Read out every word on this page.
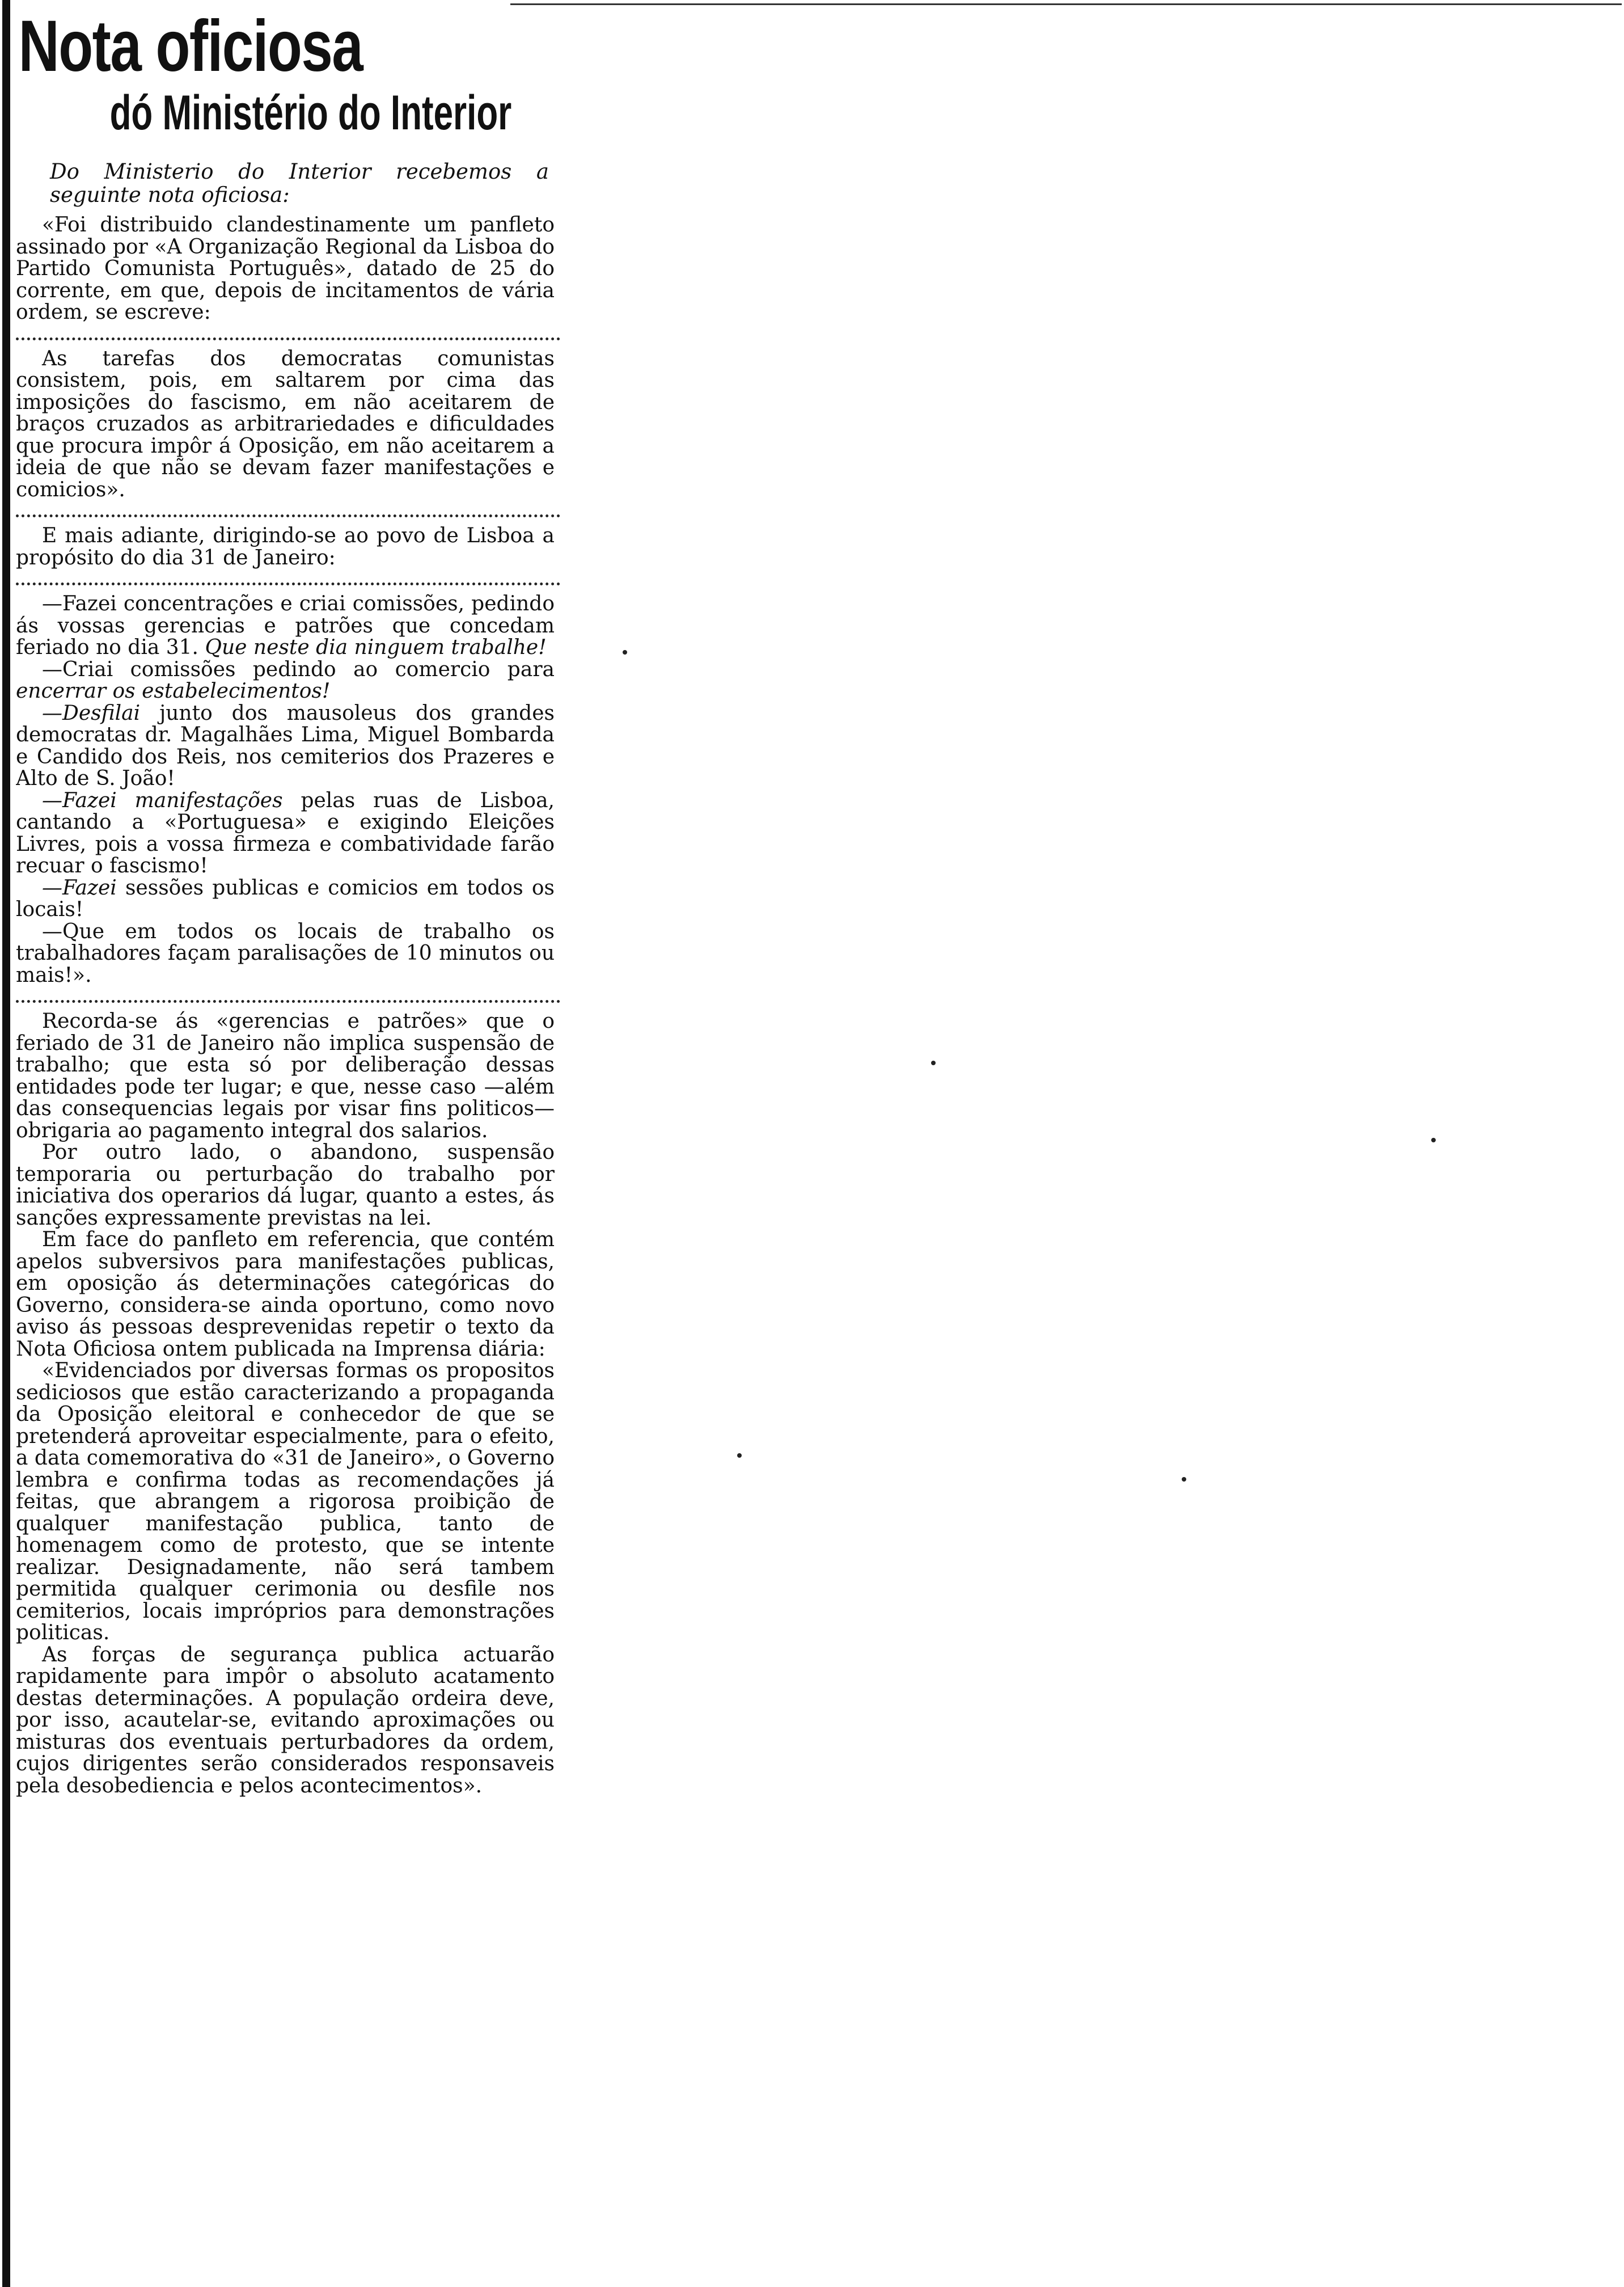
Nota oficiosa
dó Ministério do Interior

Do Ministerio do Interior recebemos a seguinte nota oficiosa:

«Foi distribuido clandestinamente um panfleto assinado por «A Organização Regional da Lisboa do Partido Comunista Português», datado de 25 do corrente, em que, depois de incitamentos de vária ordem, se escreve:

As tarefas dos democratas comunistas consistem, pois, em saltarem por cima das imposições do fascismo, em não aceitarem de braços cruzados as arbitrariedades e dificuldades que procura impôr á Oposição, em não aceitarem a ideia de que não se devam fazer manifestações e comicios».

E mais adiante, dirigindo-se ao povo de Lisboa a propósito do dia 31 de Janeiro:

—Fazei concentrações e criai comissões, pedindo ás vossas gerencias e patrões que concedam feriado no dia 31. Que neste dia ninguem trabalhe!

—Criai comissões pedindo ao comercio para encerrar os estabelecimentos!

—Desfilai junto dos mausoleus dos grandes democratas dr. Magalhães Lima, Miguel Bombarda e Candido dos Reis, nos cemiterios dos Prazeres e Alto de S. João!

—Fazei manifestações pelas ruas de Lisboa, cantando a «Portuguesa» e exigindo Eleições Livres, pois a vossa firmeza e combatividade farão recuar o fascismo!

—Fazei sessões publicas e comicios em todos os locais!

—Que em todos os locais de trabalho os trabalhadores façam paralisações de 10 minutos ou mais!».

Recorda-se ás «gerencias e patrões» que o feriado de 31 de Janeiro não implica suspensão de trabalho; que esta só por deliberação dessas entidades pode ter lugar; e que, nesse caso —além das consequencias legais por visar fins politicos—obrigaria ao pagamento integral dos salarios.

Por outro lado, o abandono, suspensão temporaria ou perturbação do trabalho por iniciativa dos operarios dá lugar, quanto a estes, ás sanções expressamente previstas na lei.

Em face do panfleto em referencia, que contém apelos subversivos para manifestações publicas, em oposição ás determinações categóricas do Governo, considera-se ainda oportuno, como novo aviso ás pessoas desprevenidas repetir o texto da Nota Oficiosa ontem publicada na Imprensa diária:

«Evidenciados por diversas formas os propositos sediciosos que estão caracterizando a propaganda da Oposição eleitoral e conhecedor de que se pretenderá aproveitar especialmente, para o efeito, a data comemorativa do «31 de Janeiro», o Governo lembra e confirma todas as recomendações já feitas, que abrangem a rigorosa proibição de qualquer manifestação publica, tanto de homenagem como de protesto, que se intente realizar. Designadamente, não será tambem permitida qualquer cerimonia ou desfile nos cemiterios, locais impróprios para demonstrações politicas.

As forças de segurança publica actuarão rapidamente para impôr o absoluto acatamento destas determinações. A população ordeira deve, por isso, acautelar-se, evitando aproximações ou misturas dos eventuais perturbadores da ordem, cujos dirigentes serão considerados responsaveis pela desobediencia e pelos acontecimentos».
